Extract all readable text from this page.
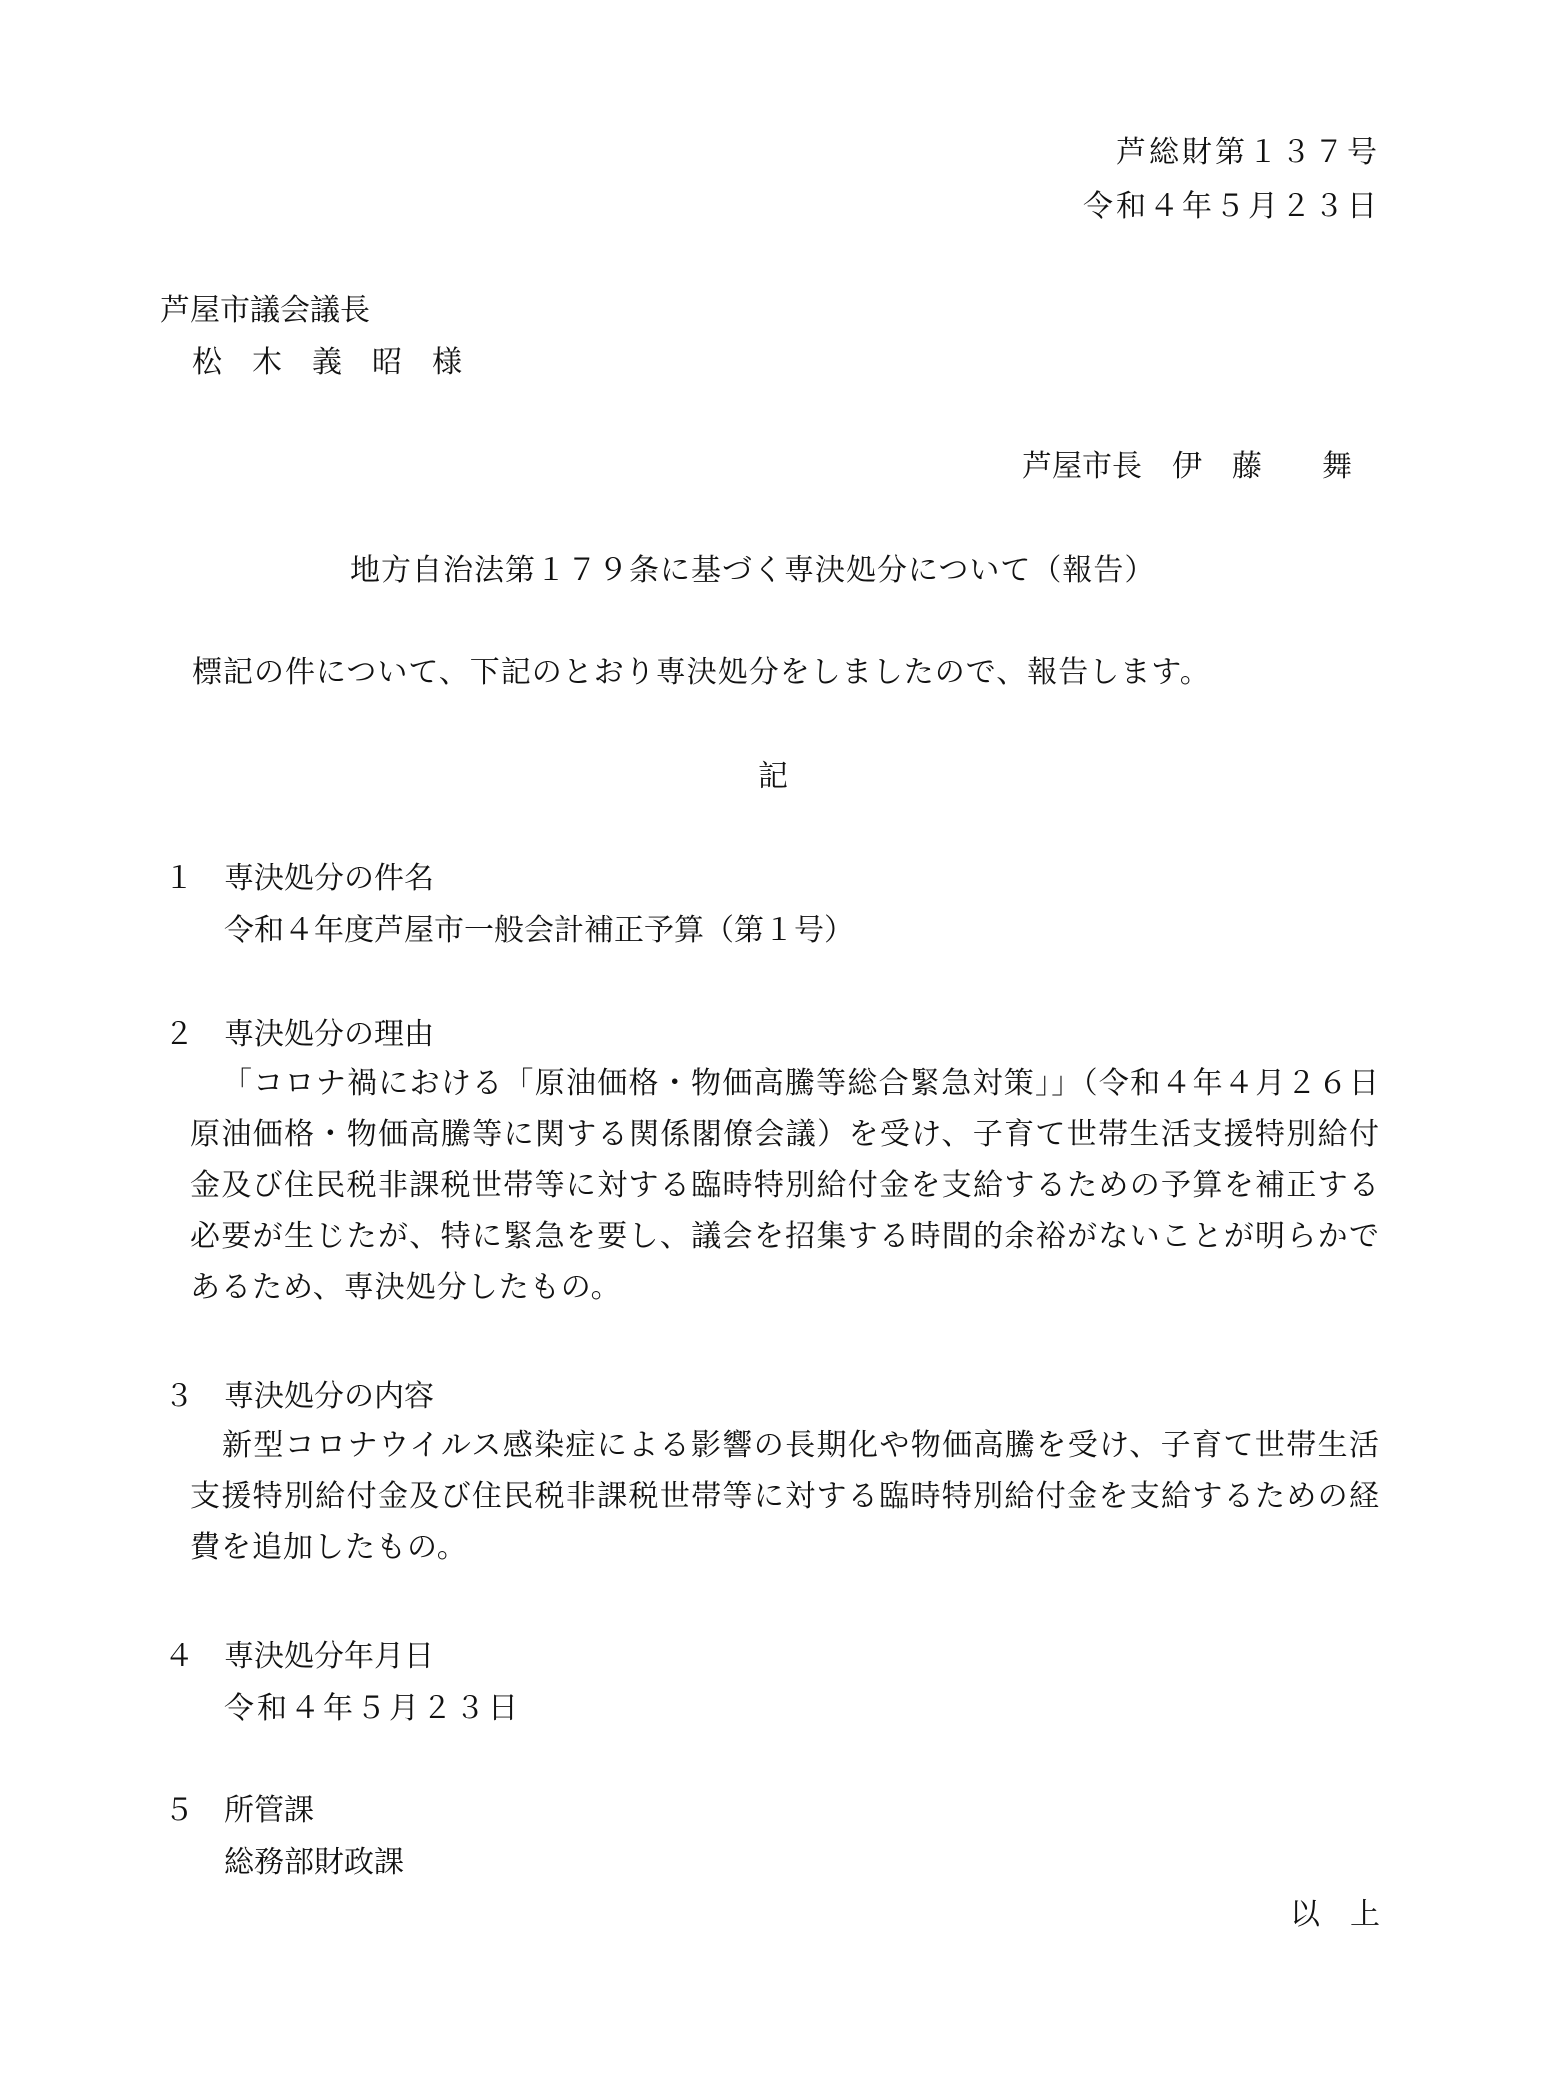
芦総財第１３７号
令和４年５月２３日
芦屋市議会議長
松　木　義　昭　様
芦屋市長　伊　藤　　舞
地方自治法第１７９条に基づく専決処分について（報告）
標記の件について、下記のとおり専決処分をしましたので、報告します。
記
１ 専決処分の件名
令和４年度芦屋市一般会計補正予算（第１号）
２ 専決処分の理由
「コロナ禍における「原油価格・物価高騰等総合緊急対策」」（令和４年４月２６日原油価格・物価高騰等に関する関係閣僚会議）を受け、子育て世帯生活支援特別給付金及び住民税非課税世帯等に対する臨時特別給付金を支給するための予算を補正する必要が生じたが、特に緊急を要し、議会を招集する時間的余裕がないことが明らかであるため、専決処分したもの。
３ 専決処分の内容
新型コロナウイルス感染症による影響の長期化や物価高騰を受け、子育て世帯生活支援特別給付金及び住民税非課税世帯等に対する臨時特別給付金を支給するための経費を追加したもの。
４ 専決処分年月日
令和４年５月２３日
５ 所管課
総務部財政課
以　上
